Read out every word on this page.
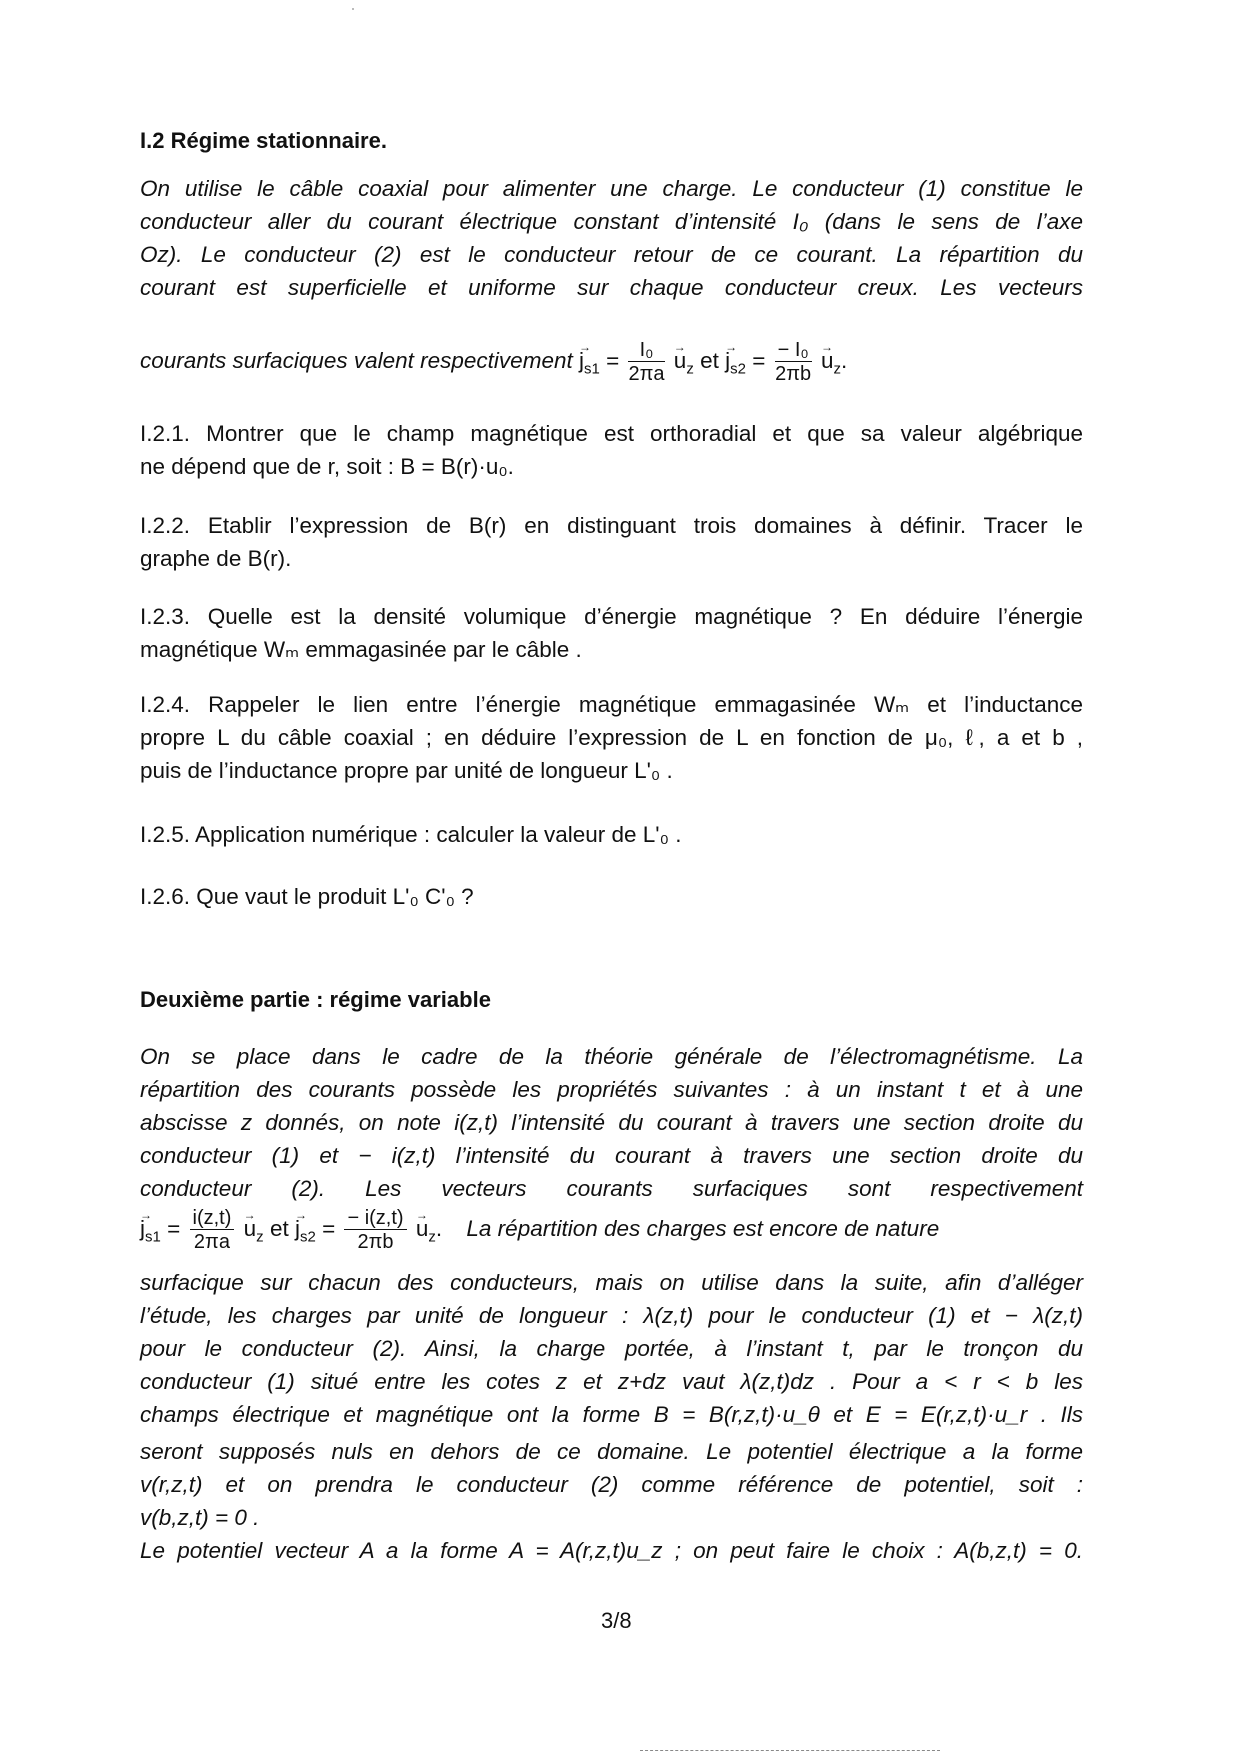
I.2 Régime stationnaire.
On utilise le câble coaxial pour alimenter une charge. Le conducteur (1) constitue le
conducteur aller du courant électrique constant d’intensité I₀ (dans le sens de l’axe
Oz). Le conducteur (2) est le conducteur retour de ce courant. La répartition du
courant est superficielle et uniforme sur chaque conducteur creux. Les vecteurs
courants surfaciques valent respectivement → $j_{s1} = \frac{\text{I₀}}{2\pi a}$
→ $u_z$ et → $j_{s2} = \frac{\text{− I₀}}{2\pi b}$
→ $u_z$.
I.2.1. Montrer que le champ magnétique est orthoradial et que sa valeur algébrique
ne dépend que de r, soit : B = B(r)·u₀.
I.2.2. Etablir l’expression de B(r) en distinguant trois domaines à définir. Tracer le
graphe de B(r).
I.2.3. Quelle est la densité volumique d’énergie magnétique ? En déduire l’énergie
magnétique Wₘ emmagasinée par le câble .
I.2.4. Rappeler le lien entre l’énergie magnétique emmagasinée Wₘ et l’inductance
propre L du câble coaxial ; en déduire l’expression de L en fonction de μ₀, ℓ, a et b ,
puis de l’inductance propre par unité de longueur L'₀ .
I.2.5. Application numérique : calculer la valeur de L'₀ .
I.2.6. Que vaut le produit L'₀ C'₀ ?
Deuxième partie : régime variable
On se place dans le cadre de la théorie générale de l’électromagnétisme. La
répartition des courants possède les propriétés suivantes : à un instant t et à une
abscisse z donnés, on note i(z,t) l’intensité du courant à travers une section droite du
conducteur (1) et − i(z,t) l’intensité du courant à travers une section droite du
conducteur (2). Les vecteurs courants surfaciques sont respectivement
→ $j_{s1} = \frac{i(z,t)}{2\pi a}$
→ $u_z$ et → $j_{s2} = \frac{- i(z,t)}{2\pi b}$
→ $u_z$. La répartition des charges est encore de nature
surfacique sur chacun des conducteurs, mais on utilise dans la suite, afin d’alléger
l’étude, les charges par unité de longueur : λ(z,t) pour le conducteur (1) et − λ(z,t)
pour le conducteur (2). Ainsi, la charge portée, à l’instant t, par le tronçon du
conducteur (1) situé entre les cotes z et z+dz vaut λ(z,t)dz . Pour a < r < b les
champs électrique et magnétique ont la forme B = B(r,z,t)·u_θ et E = E(r,z,t)·u_r . Ils
seront supposés nuls en dehors de ce domaine. Le potentiel électrique a la forme
v(r,z,t) et on prendra le conducteur (2) comme référence de potentiel, soit :
v(b,z,t) = 0 .
Le potentiel vecteur A a la forme A = A(r,z,t)u_z ; on peut faire le choix : A(b,z,t) = 0.
3/8
